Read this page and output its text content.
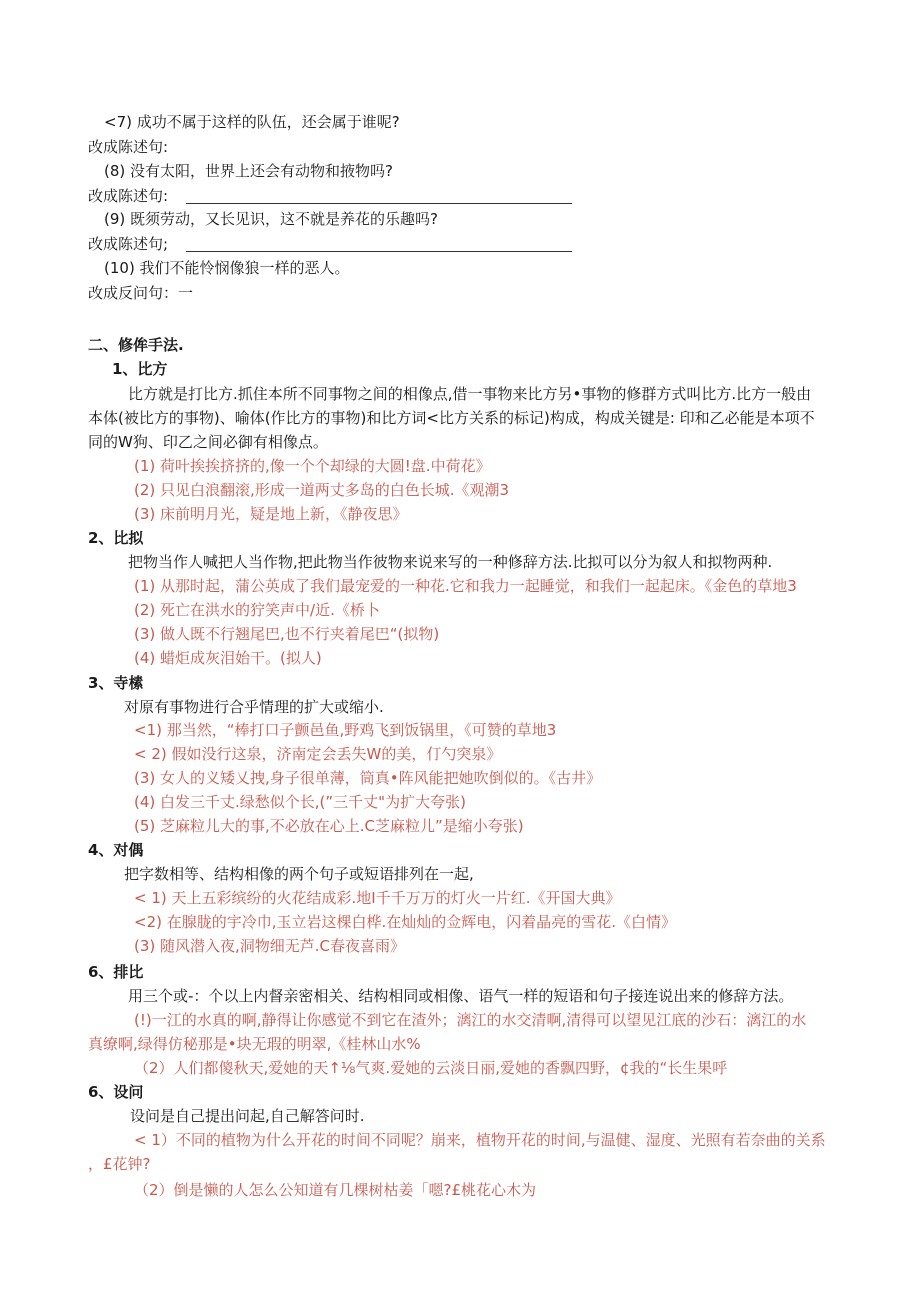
<7) 成功不属于这样的队伍，还会属于谁呢?
改成陈述句:
(8) 没有太阳，世界上还会有动物和掖物吗?
改成陈述句:
(9) 既须劳动，又长见识，这不就是养花的乐趣吗?
改成陈述句;
(10) 我们不能怜悯像狼一样的恶人。
改成反问句：一
二、修侔手法.
1、比方
比方就是打比方.抓住本所不同事物之间的相像点,借一事物来比方另•事物的修群方式叫比方.比方一般由
本体(被比方的事物)、喻体(作比方的事物)和比方词<比方关系的标记)构成，构成关键是: 印和乙必能是本项不
同的W狗、印乙之间必御有相像点。
(1) 荷叶挨挨挤挤的,像一个个却绿的大圆!盘.中荷花》
(2) 只见白浪翻滚,形成一道两丈多岛的白色长城.《观潮3
(3) 床前明月光，疑是地上新，《静夜思》
2、比拟
把物当作人喊把人当作物,把此物当作彼物来说来写的一种修辞方法.比拟可以分为叙人和拟物两种.
(1) 从那时起，蒲公英成了我们最宠爱的一种花.它和我力一起睡觉，和我们一起起床。《金色的草地3
(2) 死亡在洪水的狞笑声中/近.《桥卜
(3) 做人既不行翘尾巴,也不行夹着尾巴“(拟物)
(4) 蜡炬成灰泪始干。(拟人)
3、寺榡
对原有事物进行合乎情理的扩大或缩小.
<1) 那当然，“棒打口子颤邑鱼,野鸡飞到饭锅里，《可赞的草地3
< 2) 假如没行这泉，济南定会丢失W的美，仃勺突泉》
(3) 女人的义矮乂拽,身子很单薄，筒真•阵风能把她吹倒似的。《古井》
(4) 白发三千丈.绿愁似个长,(”三千丈"为扩大夸张)
(5) 芝麻粒儿大的事,不必放在心上.C芝麻粒儿”是缩小夸张)
4、对偶
把字数相等、结构相像的两个句子或短语排列在一起,
< 1) 天上五彩缤纷的火花结成彩.地I千千万万的灯火一片红.《开国大典》
<2) 在腺胧的宇冷巾,玉立岩这棵白桦.在灿灿的佥辉电，闪着晶亮的雪花.《白情》
(3) 随风潜入夜,洞物细无芦.C春夜喜雨》
6、排比
用三个或-：个以上内督亲密相关、结构相同或相像、语气一样的短语和句子接连说出来的修辞方法。
(!)一江的水真的啊,静得让你感觉不到它在渣外；漓江的水交清啊,清得可以望见江底的沙石：漓江的水
真缭啊,绿得仿秘那是•块无瑕的明翠,《桂林山水%
（2）人们都傻秋天,爱她的天↑⅛气爽.爱她的云淡日丽,爱她的香飘四野，¢我的“长生果呼
6、设问
设问是自己提出问起,自己解答问时.
< 1）不同的植物为什么开花的时间不同呢？崩来，植物开花的时间,与温健、湿度、光照有若奈曲的关系
，£花钟?
（2）倒是懒的人怎么公知道有几棵树枯姜「嗯?£桃花心木为
